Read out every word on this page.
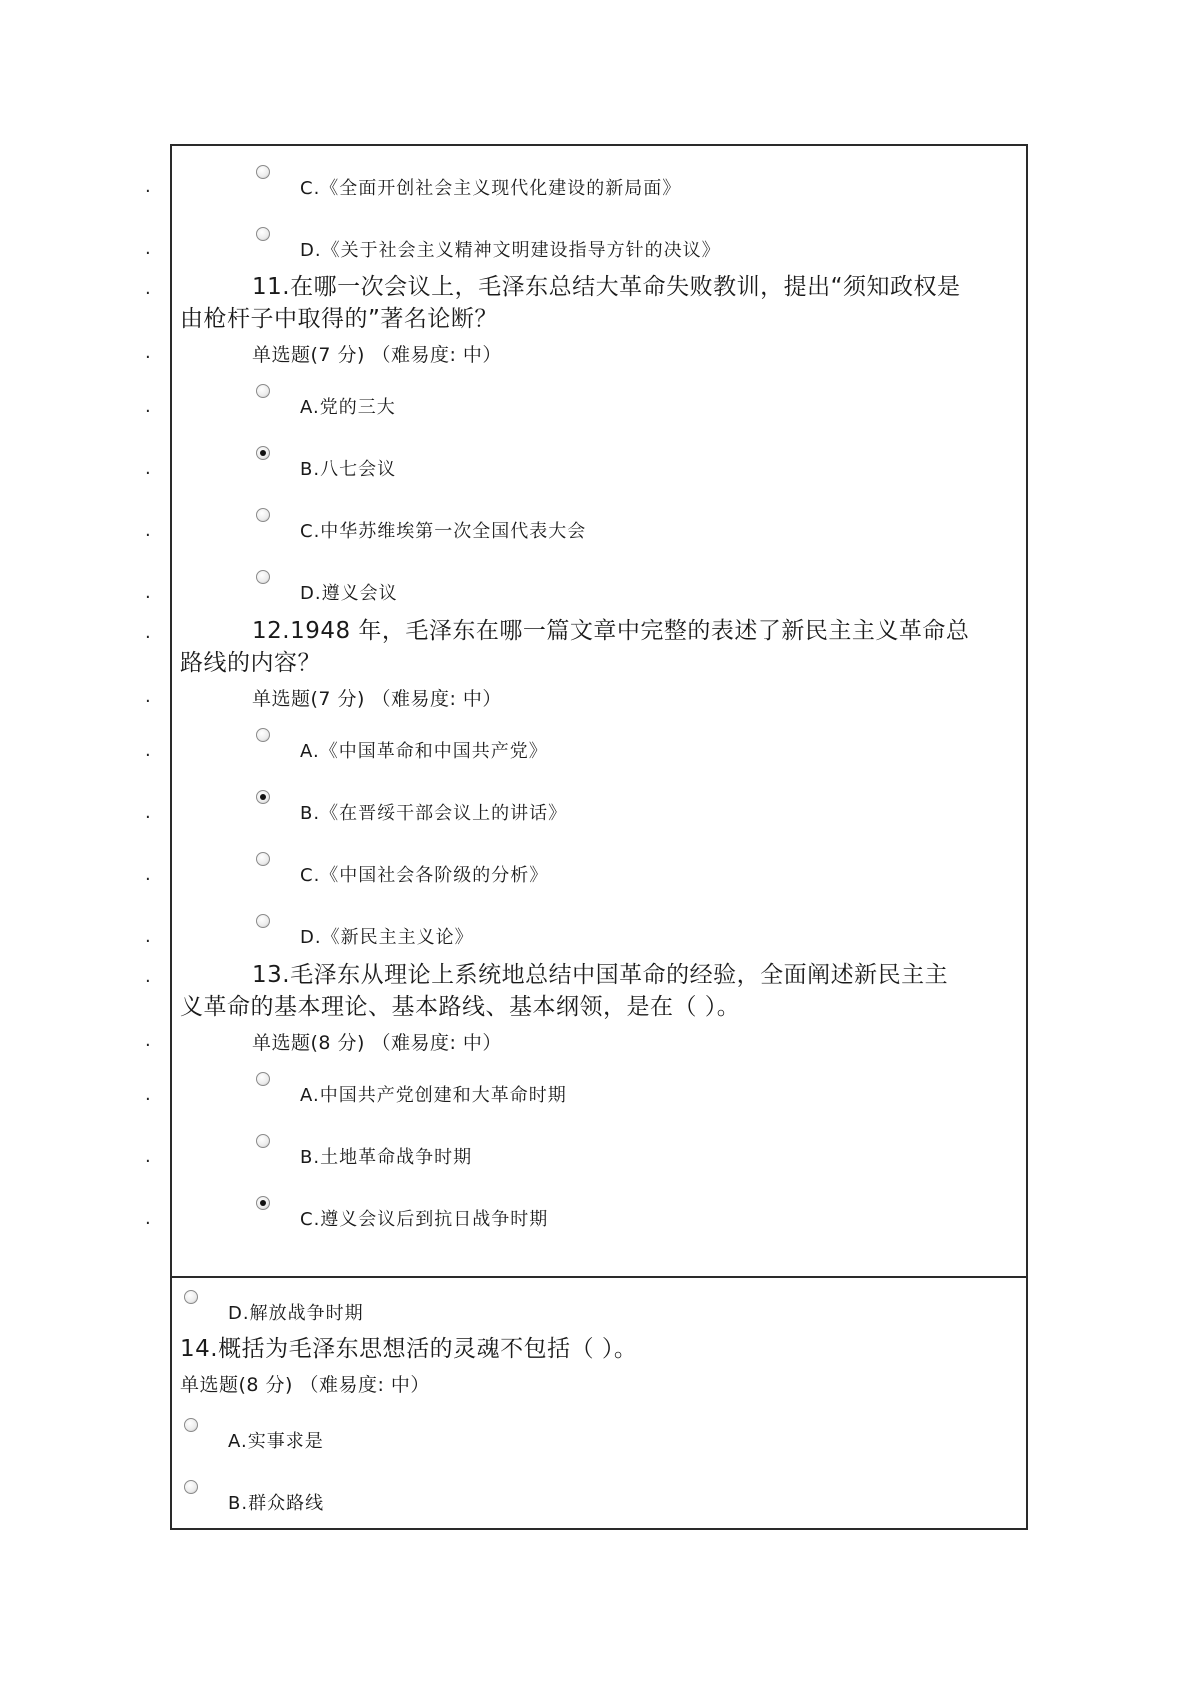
.
.
.
.
.
.
.
.
.
.
.
.
.
.
.
.
.
.
.
C.《全面开创社会主义现代化建设的新局面》
D.《关于社会主义精神文明建设指导方针的决议》
11.在哪一次会议上，毛泽东总结大革命失败教训，提出“须知政权是
由枪杆子中取得的”著名论断？
单选题(7 分) （难易度: 中）
A.党的三大
B.八七会议
C.中华苏维埃第一次全国代表大会
D.遵义会议
12.1948 年，毛泽东在哪一篇文章中完整的表述了新民主主义革命总
路线的内容？
单选题(7 分) （难易度: 中）
A.《中国革命和中国共产党》
B.《在晋绥干部会议上的讲话》
C.《中国社会各阶级的分析》
D.《新民主主义论》
13.毛泽东从理论上系统地总结中国革命的经验，全面阐述新民主主
义革命的基本理论、基本路线、基本纲领，是在（ ）。
单选题(8 分) （难易度: 中）
A.中国共产党创建和大革命时期
B.土地革命战争时期
C.遵义会议后到抗日战争时期
D.解放战争时期
14.概括为毛泽东思想活的灵魂不包括（ ）。
单选题(8 分) （难易度: 中）
A.实事求是
B.群众路线
